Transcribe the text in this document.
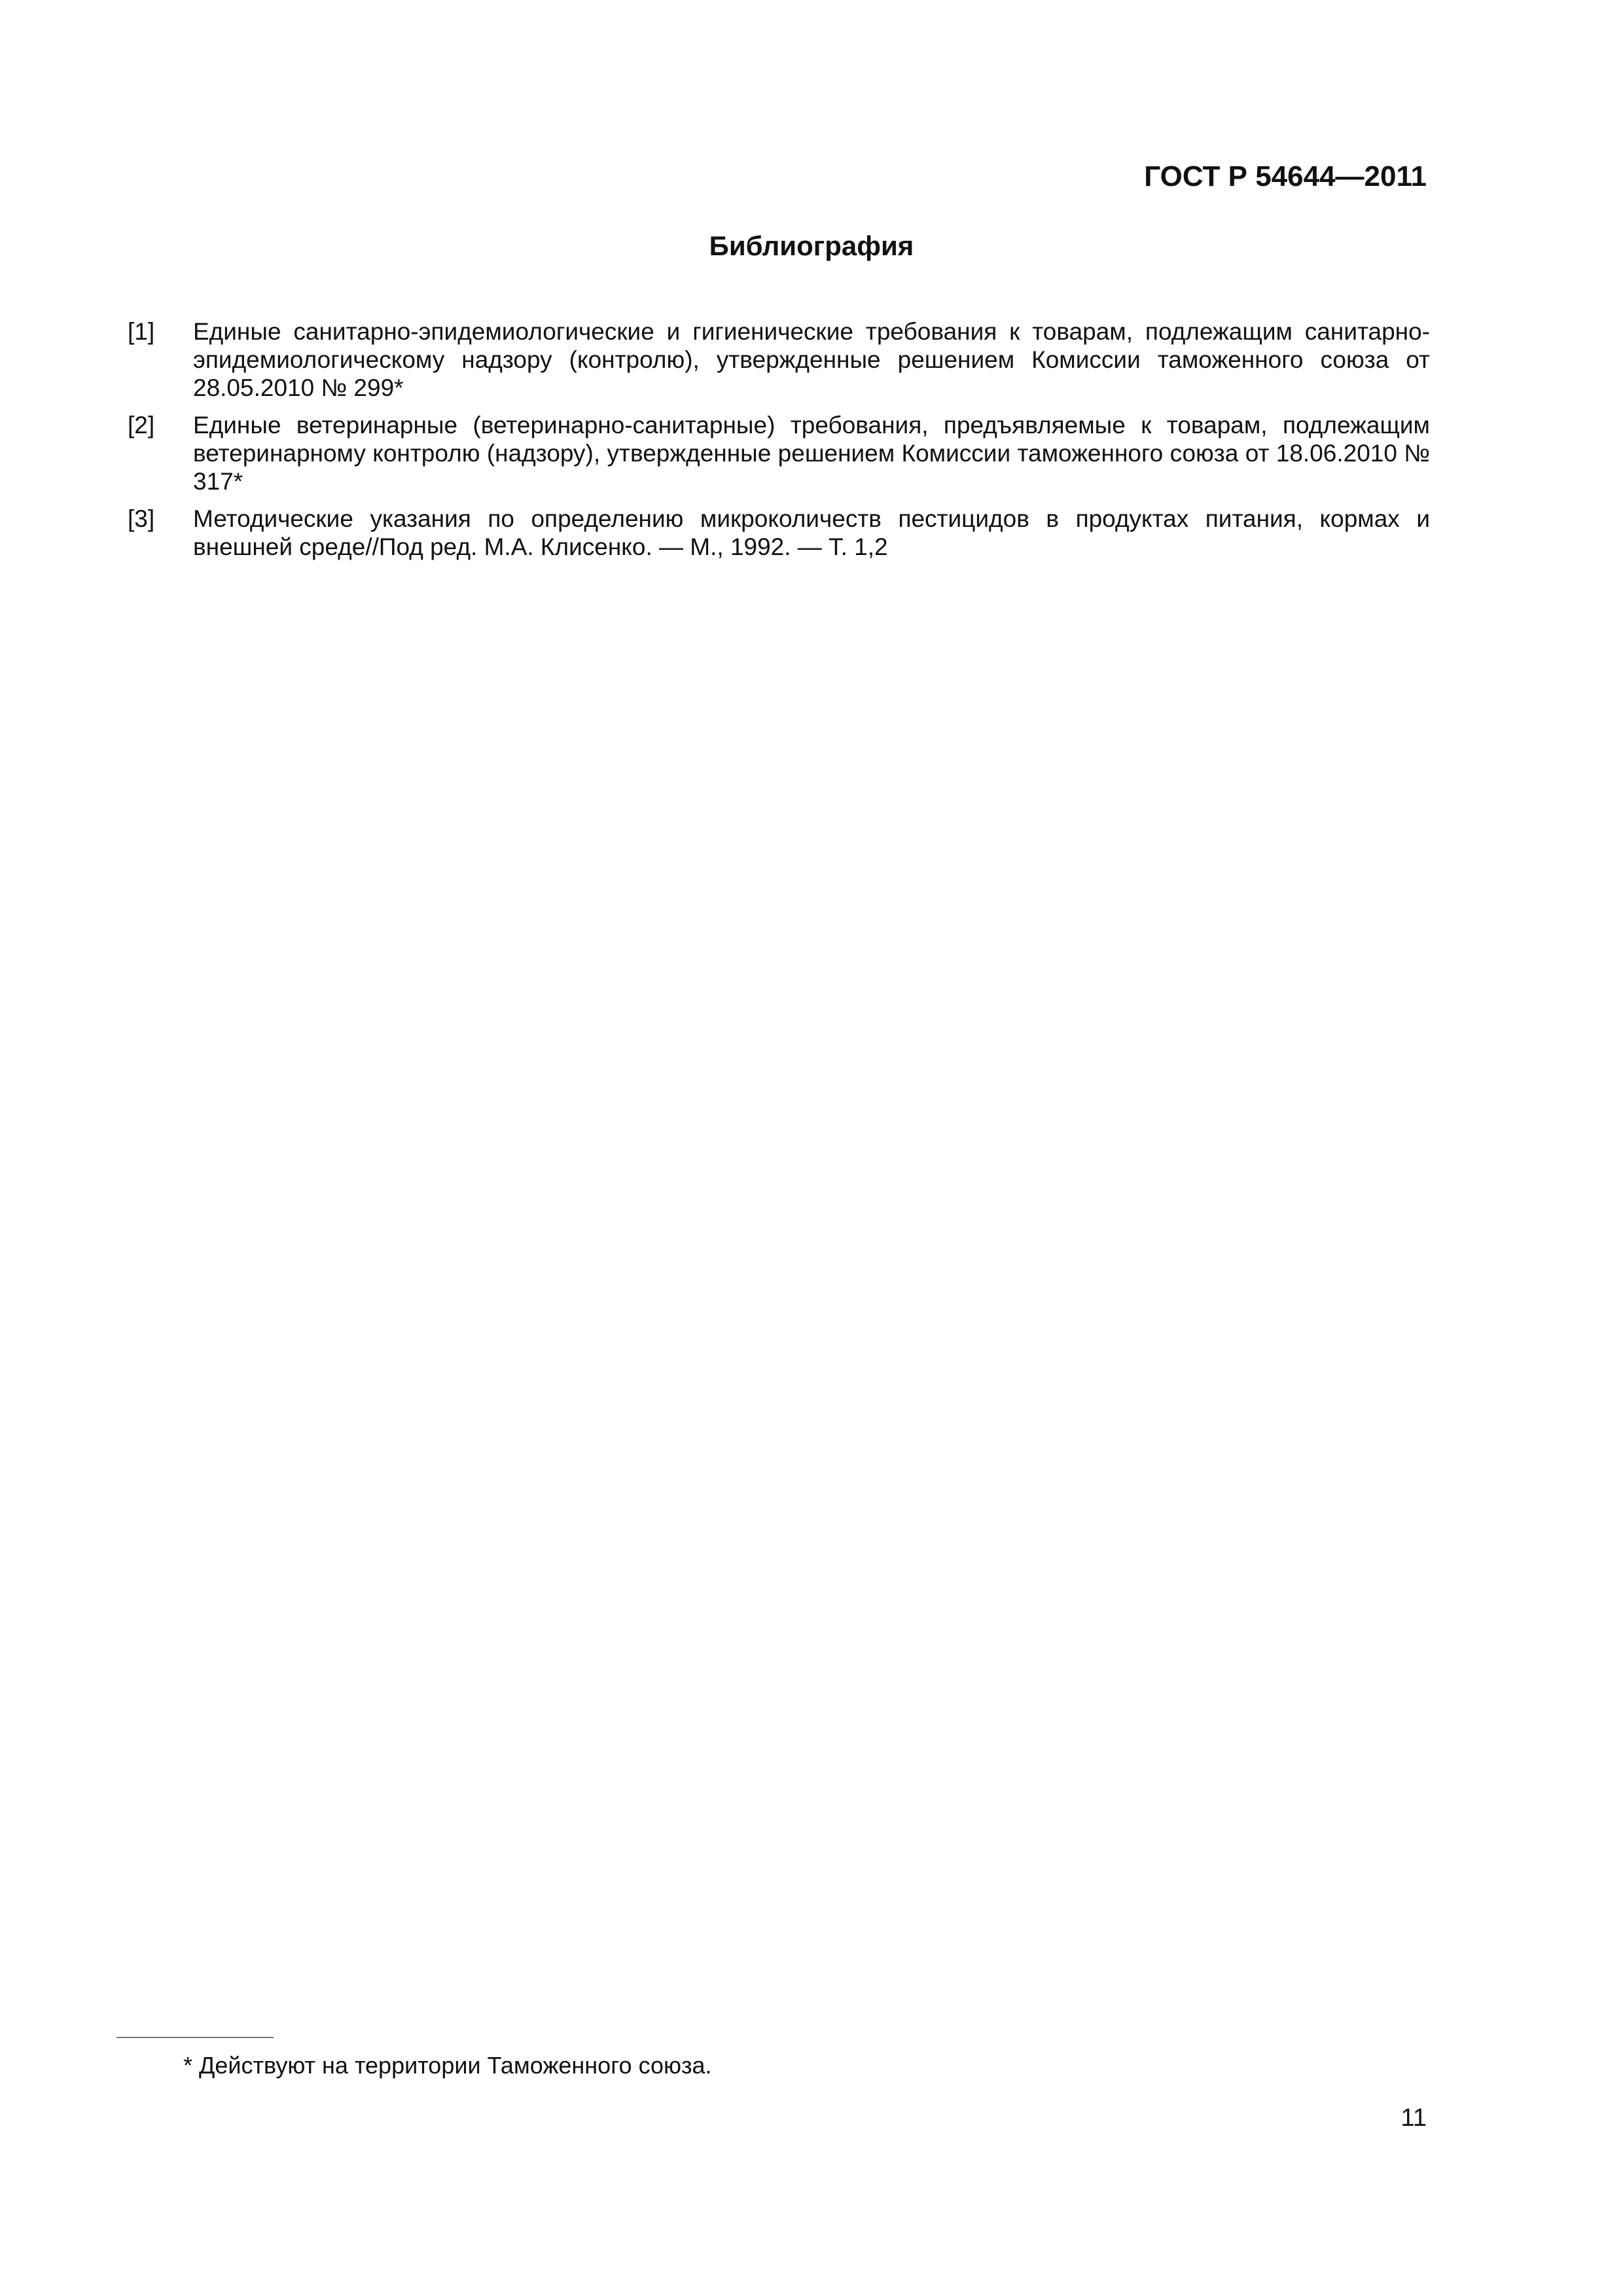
ГОСТ Р 54644—2011
Библиография
[1] Единые санитарно-эпидемиологические и гигиенические требования к товарам, подлежащим санитарно-эпидемиологическому надзору (контролю), утвержденные решением Комиссии таможенного союза от 28.05.2010 № 299*
[2] Единые ветеринарные (ветеринарно-санитарные) требования, предъявляемые к товарам, подлежащим ветеринарному контролю (надзору), утвержденные решением Комиссии таможенного союза от 18.06.2010 № 317*
[3] Методические указания по определению микроколичеств пестицидов в продуктах питания, кормах и внешней среде//Под ред. М.А. Клисенко. — М., 1992. — Т. 1,2
* Действуют на территории Таможенного союза.
11
